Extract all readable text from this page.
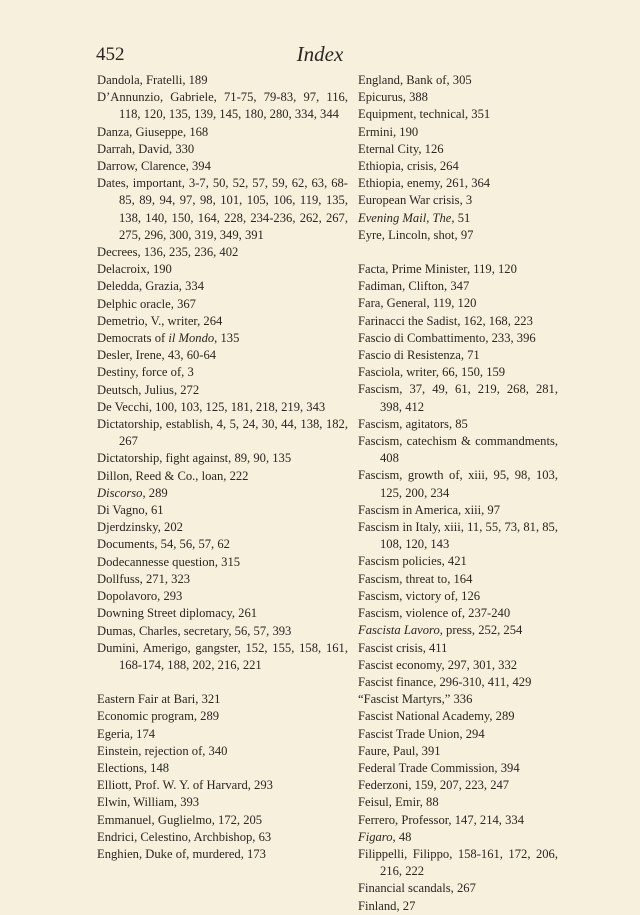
452	Index
Dandola, Fratelli, 189
D’Annunzio, Gabriele, 71-75, 79-83, 97, 116, 118, 120, 135, 139, 145, 180, 280, 334, 344
Danza, Giuseppe, 168
Darrah, David, 330
Darrow, Clarence, 394
Dates, important, 3-7, 50, 52, 57, 59, 62, 63, 68-85, 89, 94, 97, 98, 101, 105, 106, 119, 135, 138, 140, 150, 164, 228, 234-236, 262, 267, 275, 296, 300, 319, 349, 391
Decrees, 136, 235, 236, 402
Delacroix, 190
Deledda, Grazia, 334
Delphic oracle, 367
Demetrio, V., writer, 264
Democrats of il Mondo, 135
Desler, Irene, 43, 60-64
Destiny, force of, 3
Deutsch, Julius, 272
De Vecchi, 100, 103, 125, 181, 218, 219, 343
Dictatorship, establish, 4, 5, 24, 30, 44, 138, 182, 267
Dictatorship, fight against, 89, 90, 135
Dillon, Reed & Co., loan, 222
Discorso, 289
Di Vagno, 61
Djerdzinsky, 202
Documents, 54, 56, 57, 62
Dodecannesse question, 315
Dollfuss, 271, 323
Dopolavoro, 293
Downing Street diplomacy, 261
Dumas, Charles, secretary, 56, 57, 393
Dumini, Amerigo, gangster, 152, 155, 158, 161, 168-174, 188, 202, 216, 221
Eastern Fair at Bari, 321
Economic program, 289
Egeria, 174
Einstein, rejection of, 340
Elections, 148
Elliott, Prof. W. Y. of Harvard, 293
Elwin, William, 393
Emmanuel, Guglielmo, 172, 205
Endrici, Celestino, Archbishop, 63
Enghien, Duke of, murdered, 173
England, Bank of, 305
Epicurus, 388
Equipment, technical, 351
Ermini, 190
Eternal City, 126
Ethiopia, crisis, 264
Ethiopia, enemy, 261, 364
European War crisis, 3
Evening Mail, The, 51
Eyre, Lincoln, shot, 97
Facta, Prime Minister, 119, 120
Fadiman, Clifton, 347
Fara, General, 119, 120
Farinacci the Sadist, 162, 168, 223
Fascio di Combattimento, 233, 396
Fascio di Resistenza, 71
Fasciola, writer, 66, 150, 159
Fascism, 37, 49, 61, 219, 268, 281, 398, 412
Fascism, agitators, 85
Fascism, catechism & commandments, 408
Fascism, growth of, xiii, 95, 98, 103, 125, 200, 234
Fascism in America, xiii, 97
Fascism in Italy, xiii, 11, 55, 73, 81, 85, 108, 120, 143
Fascism policies, 421
Fascism, threat to, 164
Fascism, victory of, 126
Fascism, violence of, 237-240
Fascista Lavoro, press, 252, 254
Fascist crisis, 411
Fascist economy, 297, 301, 332
Fascist finance, 296-310, 411, 429
“Fascist Martyrs,” 336
Fascist National Academy, 289
Fascist Trade Union, 294
Faure, Paul, 391
Federal Trade Commission, 394
Federzoni, 159, 207, 223, 247
Feisul, Emir, 88
Ferrero, Professor, 147, 214, 334
Figaro, 48
Filippelli, Filippo, 158-161, 172, 206, 216, 222
Financial scandals, 267
Finland, 27
